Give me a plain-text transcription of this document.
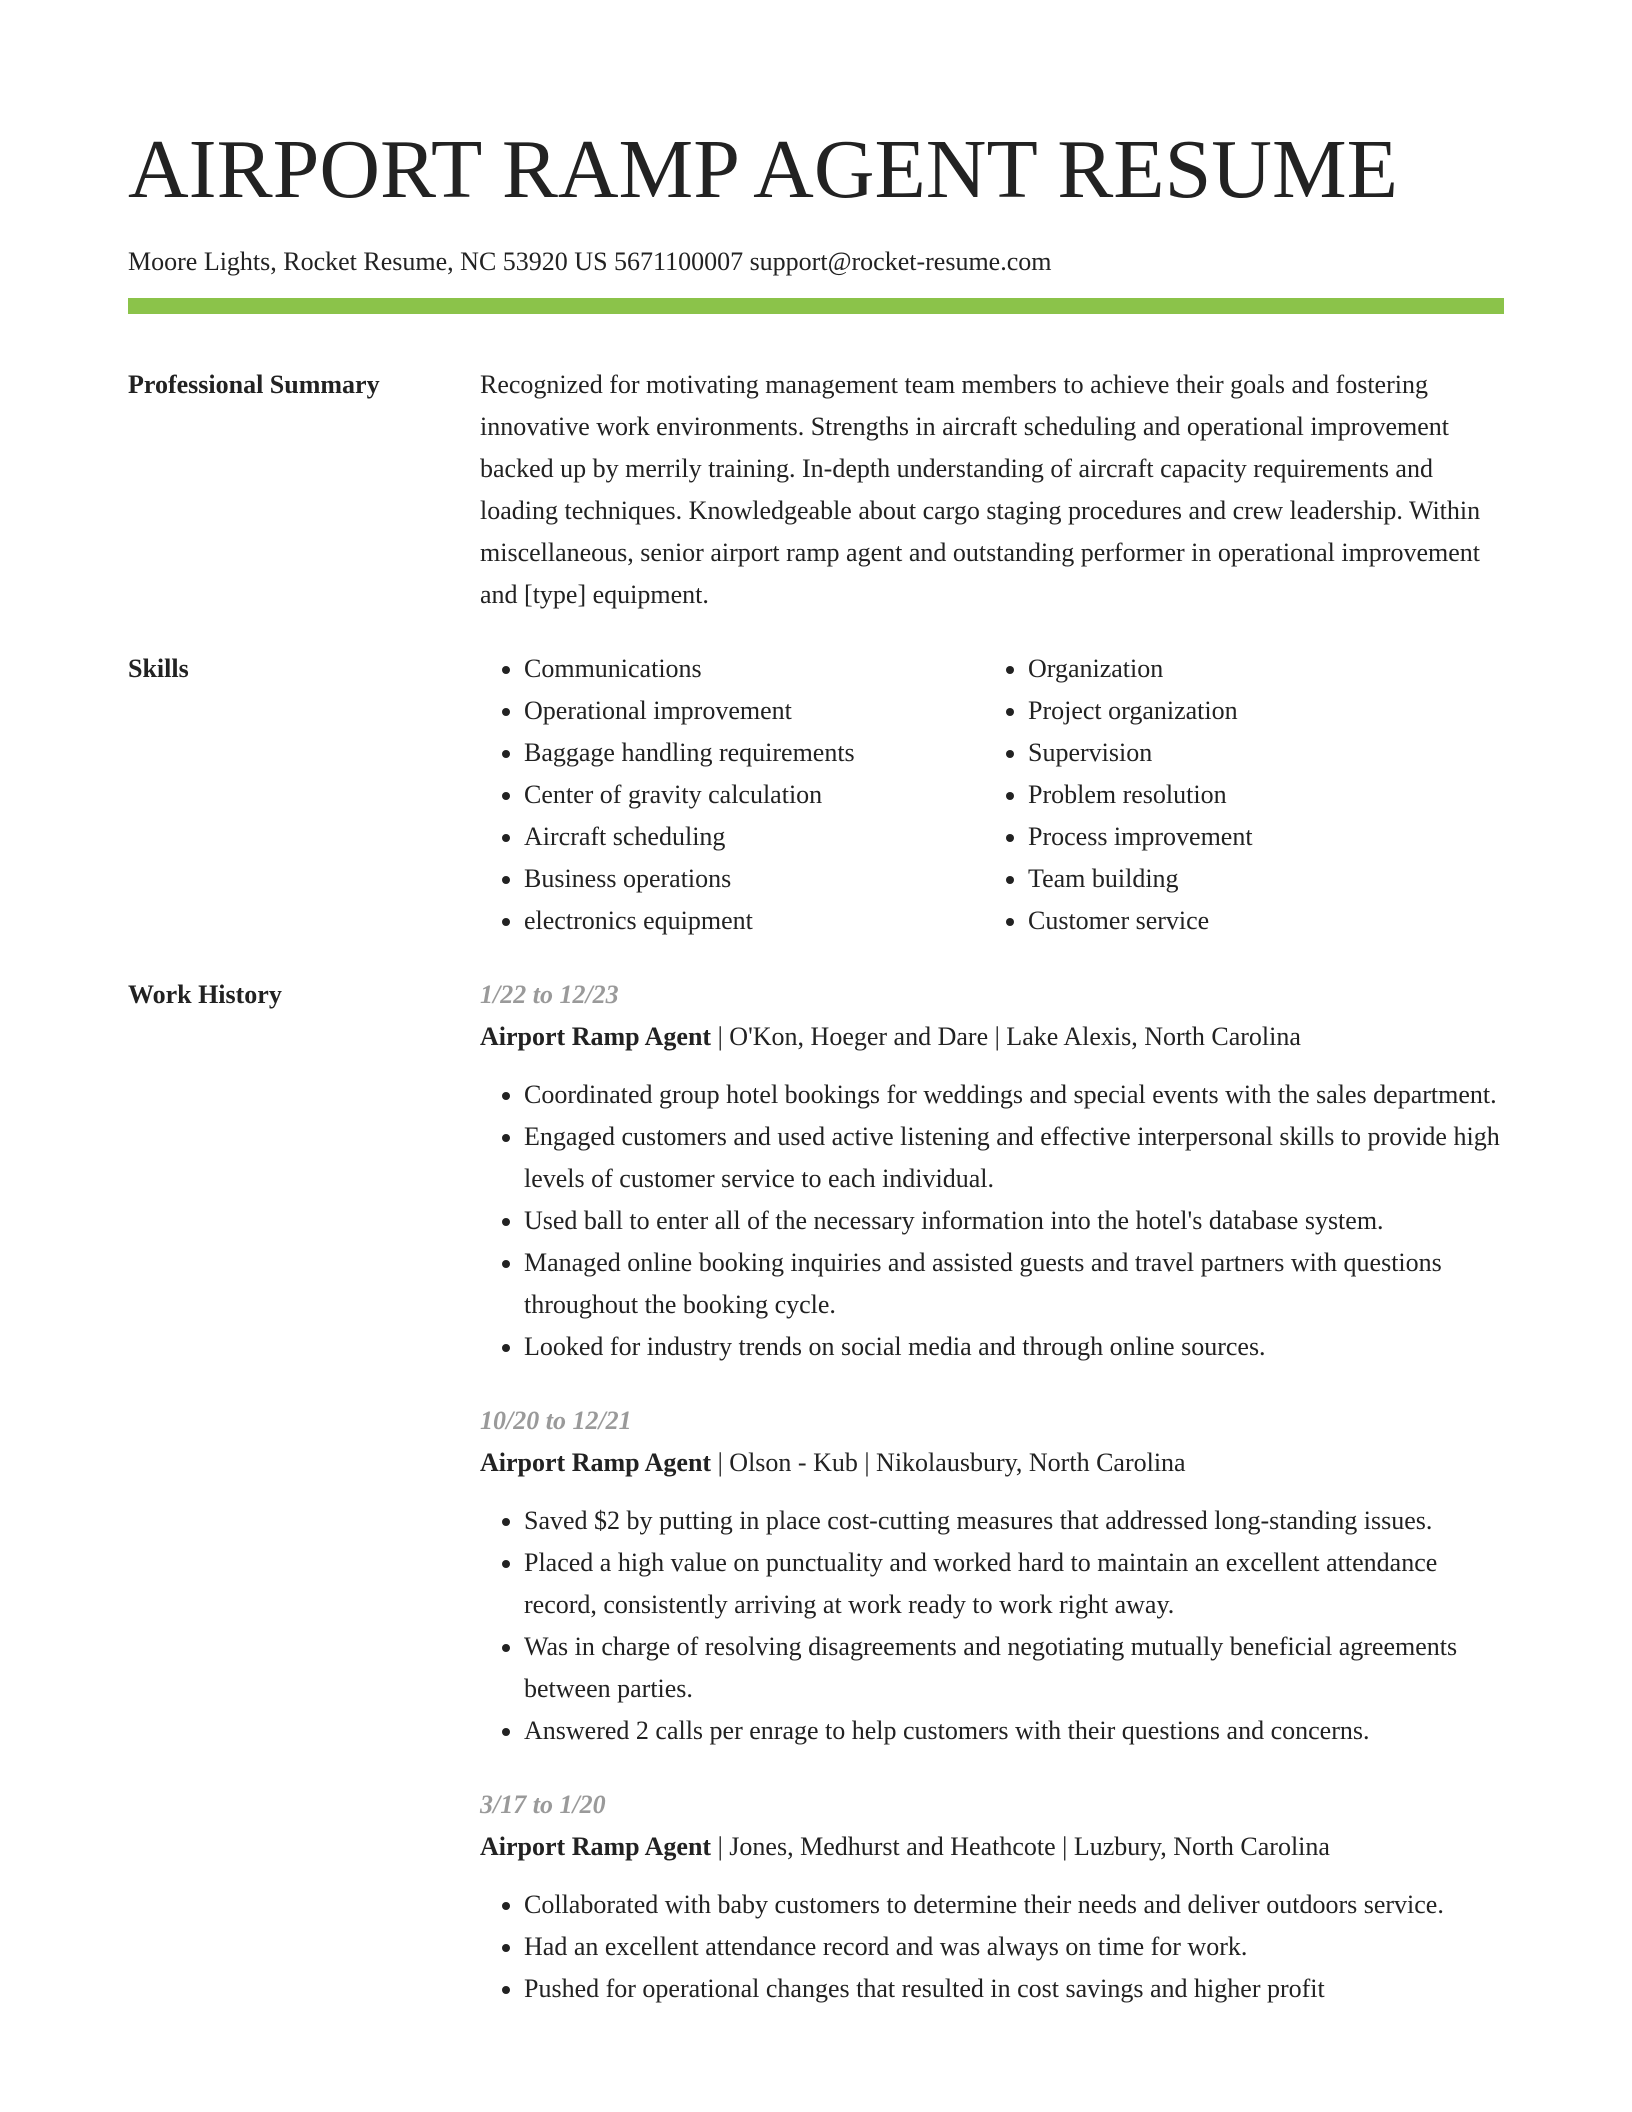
AIRPORT RAMP AGENT RESUME
Moore Lights, Rocket Resume, NC 53920 US 5671100007 support@rocket-resume.com
Professional Summary	Recognized for motivating management team members to achieve their goals and fostering innovative work environments. Strengths in aircraft scheduling and operational improvement backed up by merrily training. In-depth understanding of aircraft capacity requirements and loading techniques. Knowledgeable about cargo staging procedures and crew leadership. Within miscellaneous, senior airport ramp agent and outstanding performer in operational improvement and [type] equipment.
Skills
•	Communications
• Operational improvement
• Baggage handling requirements
• Center of gravity calculation
• Aircraft scheduling
• Business operations
• electronics equipment
• Organization
• Project organization
• Supervision
• Problem resolution
• Process improvement
• Team building
• Customer service
Work History	1/22 to 12/23
Airport Ramp Agent | O'Kon, Hoeger and Dare | Lake Alexis, North Carolina
• Coordinated group hotel bookings for weddings and special events with the sales department.
• Engaged customers and used active listening and effective interpersonal skills to provide high levels of customer service to each individual.
• Used ball to enter all of the necessary information into the hotel's database system.
• Managed online booking inquiries and assisted guests and travel partners with questions throughout the booking cycle.
• Looked for industry trends on social media and through online sources.
10/20 to 12/21
Airport Ramp Agent | Olson - Kub | Nikolausbury, North Carolina
• Saved $2 by putting in place cost-cutting measures that addressed long-standing issues.
• Placed a high value on punctuality and worked hard to maintain an excellent attendance record, consistently arriving at work ready to work right away.
• Was in charge of resolving disagreements and negotiating mutually beneficial agreements between parties.
• Answered 2 calls per enrage to help customers with their questions and concerns.
3/17 to 1/20
Airport Ramp Agent | Jones, Medhurst and Heathcote | Luzbury, North Carolina
• Collaborated with baby customers to determine their needs and deliver outdoors service.
• Had an excellent attendance record and was always on time for work.
• Pushed for operational changes that resulted in cost savings and higher profit
